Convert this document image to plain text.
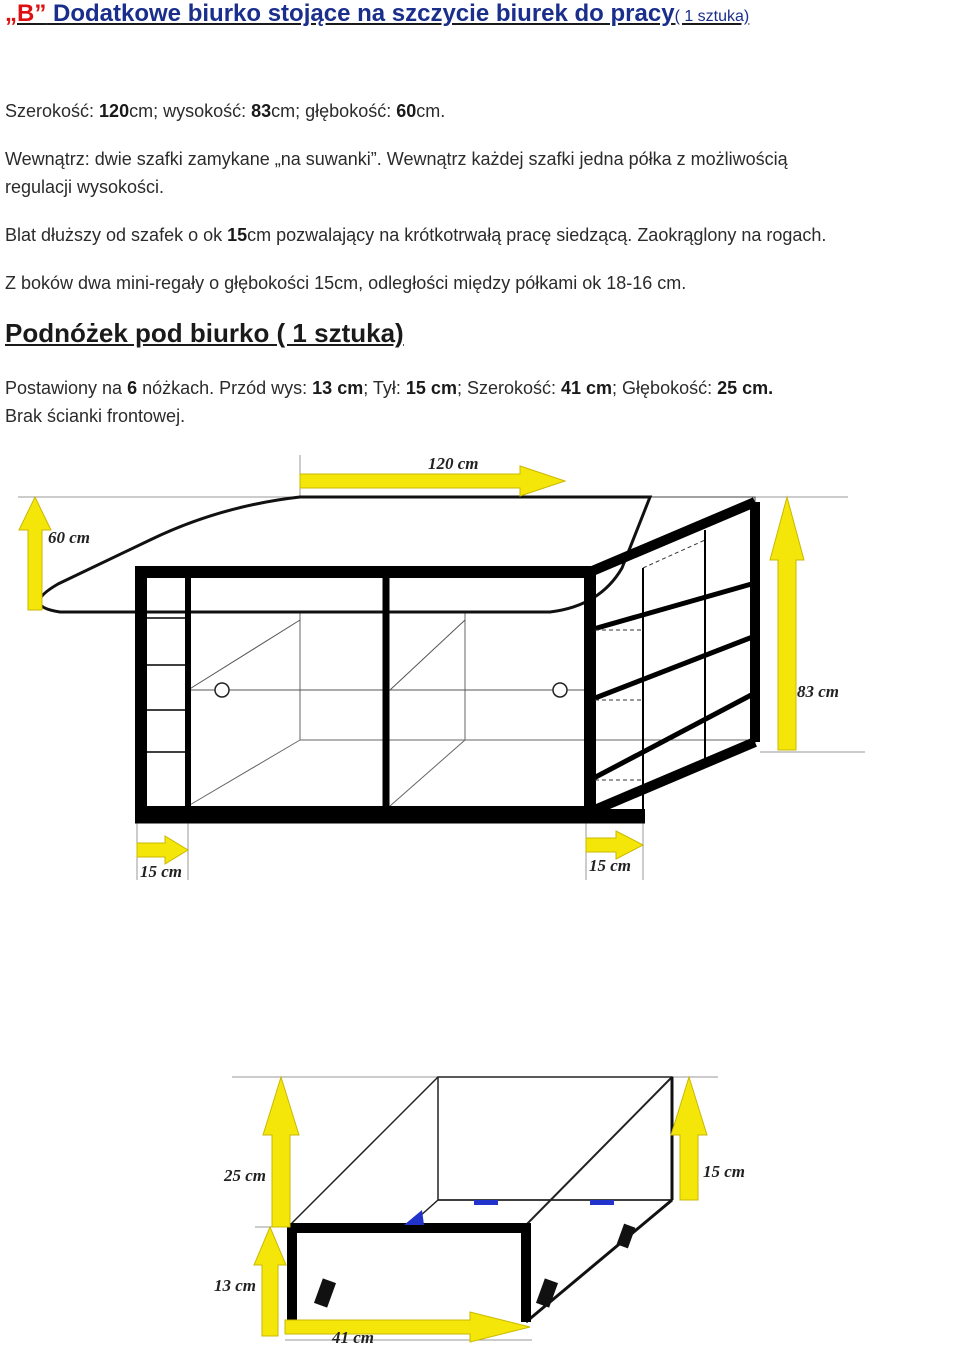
„B” Dodatkowe biurko stojące na szczycie biurek do pracy( 1 sztuka)
Szerokość: 120cm; wysokość: 83cm; głębokość: 60cm.
Wewnątrz: dwie szafki zamykane „na suwanki”. Wewnątrz każdej szafki jedna półka z możliwością
regulacji wysokości.
Blat dłuższy od szafek o ok 15cm pozwalający na krótkotrwałą pracę siedzącą. Zaokrąglony na rogach.
Z boków dwa mini-regały o głębokości 15cm, odległości między półkami ok 18-16 cm.
Podnóżek pod biurko ( 1 sztuka)
Postawiony na 6 nóżkach. Przód wys: 13 cm; Tył: 15 cm; Szerokość: 41 cm; Głębokość: 25 cm.
Brak ścianki frontowej.
120 cm
60 cm
83 cm
15 cm	15 cm
25 cm	15 cm
13 cm
41 cm
